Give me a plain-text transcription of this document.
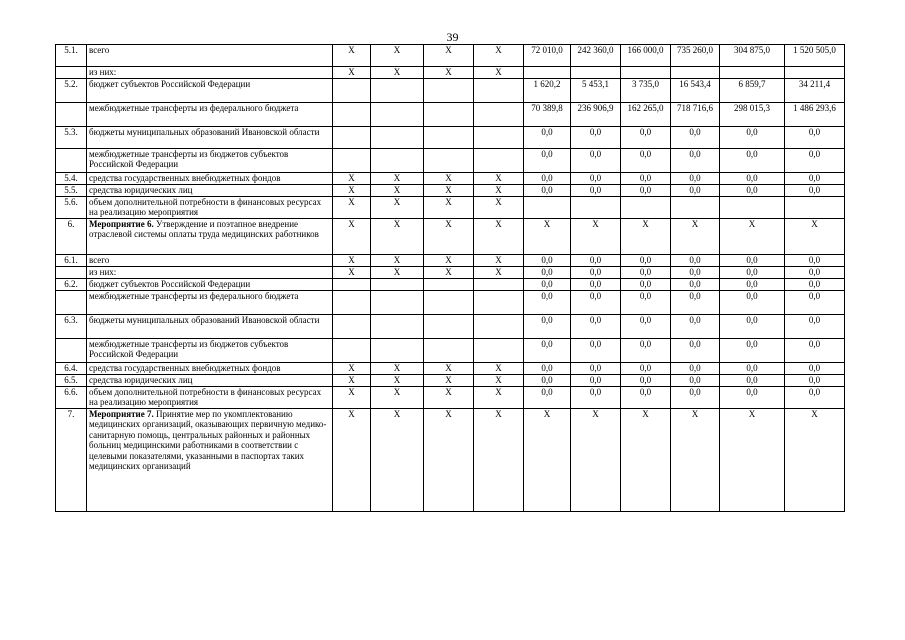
39
5.1.	всего	Х	Х	Х	Х	72 010,0	242 360,0	166 000,0	735 260,0	304 875,0	1 520 505,0
	из них:	Х	Х	Х	Х						
5.2.	бюджет субъектов Российской Федерации					1 620,2	5 453,1	3 735,0	16 543,4	6 859,7	34 211,4
	межбюджетные трансферты из федерального бюджета					70 389,8	236 906,9	162 265,0	718 716,6	298 015,3	1 486 293,6
5.3.	бюджеты муниципальных образований Ивановской области					0,0	0,0	0,0	0,0	0,0	0,0
	межбюджетные трансферты из бюджетов субъектов Российской Федерации					0,0	0,0	0,0	0,0	0,0	0,0
5.4.	средства государственных внебюджетных фондов	Х	Х	Х	Х	0,0	0,0	0,0	0,0	0,0	0,0
5.5.	средства юридических лиц	Х	Х	Х	Х	0,0	0,0	0,0	0,0	0,0	0,0
5.6.	объем дополнительной потребности в финансовых ресурсах на реализацию мероприятия	Х	Х	Х	Х						
6.	Мероприятие 6. Утверждение и поэтапное внедрение отраслевой системы оплаты труда медицинских работников	Х	Х	Х	Х	Х	Х	Х	Х	Х	Х
6.1.	всего	Х	Х	Х	Х	0,0	0,0	0,0	0,0	0,0	0,0
	из них:	Х	Х	Х	Х	0,0	0,0	0,0	0,0	0,0	0,0
6.2.	бюджет субъектов Российской Федерации					0,0	0,0	0,0	0,0	0,0	0,0
	межбюджетные трансферты из федерального бюджета					0,0	0,0	0,0	0,0	0,0	0,0
6.3.	бюджеты муниципальных образований Ивановской области					0,0	0,0	0,0	0,0	0,0	0,0
	межбюджетные трансферты из бюджетов субъектов Российской Федерации					0,0	0,0	0,0	0,0	0,0	0,0
6.4.	средства государственных внебюджетных фондов	Х	Х	Х	Х	0,0	0,0	0,0	0,0	0,0	0,0
6.5.	средства юридических лиц	Х	Х	Х	Х	0,0	0,0	0,0	0,0	0,0	0,0
6.6.	объем дополнительной потребности в финансовых ресурсах на реализацию мероприятия	Х	Х	Х	Х	0,0	0,0	0,0	0,0	0,0	0,0
7.	Мероприятие 7. Принятие мер по укомплектованию медицинских организаций, оказывающих первичную медико-санитарную помощь, центральных районных и районных больниц медицинскими работниками в соответствии с целевыми показателями, указанными в паспортах таких медицинских организаций	Х	Х	Х	Х	Х	Х	Х	Х	Х	Х
